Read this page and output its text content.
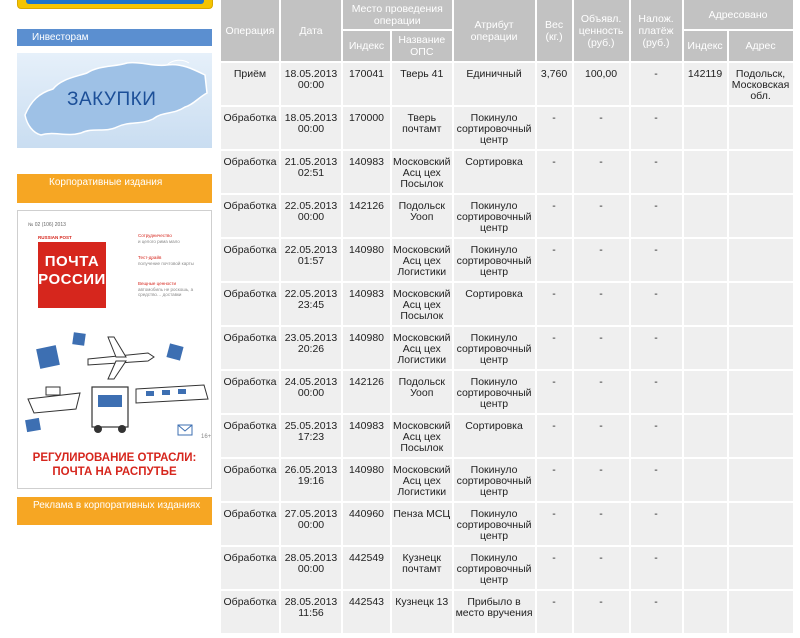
Инвесторам
ЗАКУПКИ
Корпоративные издания
№ 02 (106) 2013
RUSSIAN POST
ПОЧТА РОССИИ
Сотрудничество
и целого рима мало
Тест-драйв
получение почтовой карты
Вещные ценности
автомобиль не роскошь, а средство… доставки
16+
РЕГУЛИРОВАНИЕ ОТРАСЛИ: ПОЧТА НА РАСПУТЬЕ
Реклама в корпоративных изданиях
Операция	Дата	Место проведения операции		Атрибут операции	Вес (кг.)	Объявл. ценность (руб.)	Налож. платёж (руб.)	Адресовано	
		Индекс	Название ОПС					Индекс	Адрес
Приём	18.05.2013 00:00	170041	Тверь 41	Единичный	3,760	100,00	-	142119	Подольск, Московская обл.
Обработка	18.05.2013 00:00	170000	Тверь почтамт	Покинуло сортировочный центр	-	-	-		
Обработка	21.05.2013 02:51	140983	Московский Асц цех Посылок	Сортировка	-	-	-		
Обработка	22.05.2013 00:00	142126	Подольск Уооп	Покинуло сортировочный центр	-	-	-		
Обработка	22.05.2013 01:57	140980	Московский Асц цех Логистики	Покинуло сортировочный центр	-	-	-		
Обработка	22.05.2013 23:45	140983	Московский Асц цех Посылок	Сортировка	-	-	-		
Обработка	23.05.2013 20:26	140980	Московский Асц цех Логистики	Покинуло сортировочный центр	-	-	-		
Обработка	24.05.2013 00:00	142126	Подольск Уооп	Покинуло сортировочный центр	-	-	-		
Обработка	25.05.2013 17:23	140983	Московский Асц цех Посылок	Сортировка	-	-	-		
Обработка	26.05.2013 19:16	140980	Московский Асц цех Логистики	Покинуло сортировочный центр	-	-	-		
Обработка	27.05.2013 00:00	440960	Пенза МСЦ	Покинуло сортировочный центр	-	-	-		
Обработка	28.05.2013 00:00	442549	Кузнецк почтамт	Покинуло сортировочный центр	-	-	-		
Обработка	28.05.2013 11:56	442543	Кузнецк 13	Прибыло в место вручения	-	-	-		
